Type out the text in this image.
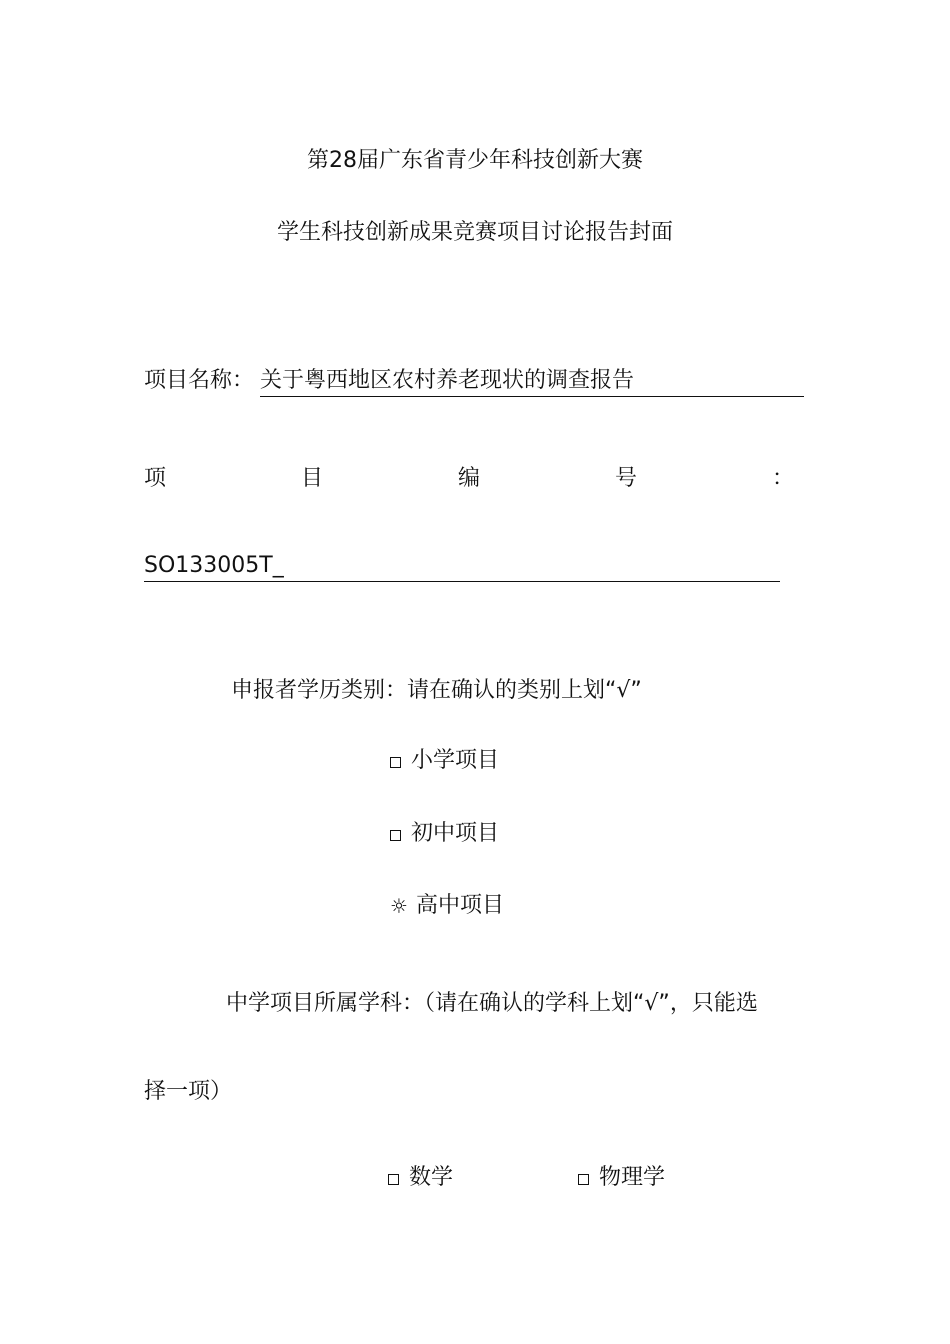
第28届广东省青少年科技创新大赛
学生科技创新成果竞赛项目讨论报告封面
项目名称： 关于粤西地区农村养老现状的调查报告
项	目	编	号	：
SO133005T_
申报者学历类别：请在确认的类别上划“√”
小学项目
初中项目
☼ 高中项目
中学项目所属学科：（请在确认的学科上划“√”，只能选
择一项）
数学	物理学
